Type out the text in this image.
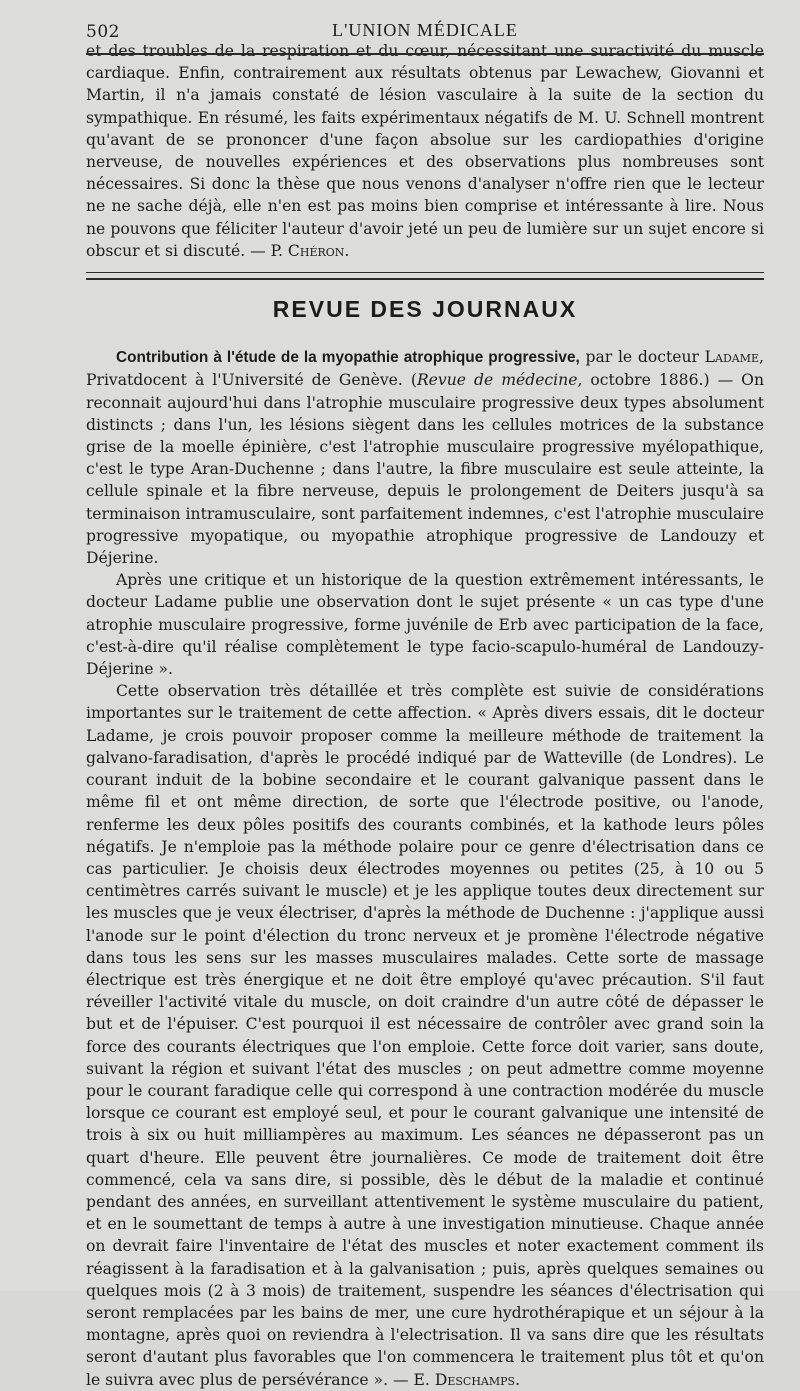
502	L'UNION MÉDICALE

et des troubles de la respiration et du cœur, nécessitant une suractivité du muscle cardiaque. Enfin, contrairement aux résultats obtenus par Lewachew, Giovanni et Martin, il n'a jamais constaté de lésion vasculaire à la suite de la section du sympathique. En résumé, les faits expérimentaux négatifs de M. U. Schnell montrent qu'avant de se prononcer d'une façon absolue sur les cardiopathies d'origine nerveuse, de nouvelles expériences et des observations plus nombreuses sont nécessaires. Si donc la thèse que nous venons d'analyser n'offre rien que le lecteur ne ne sache déjà, elle n'en est pas moins bien comprise et intéressante à lire. Nous ne pouvons que féliciter l'auteur d'avoir jeté un peu de lumière sur un sujet encore si obscur et si discuté. — P. Chéron.

REVUE DES JOURNAUX

Contribution à l'étude de la myopathie atrophique progressive, par le docteur Ladame, Privatdocent à l'Université de Genève. (Revue de médecine, octobre 1886.) — On reconnait aujourd'hui dans l'atrophie musculaire progressive deux types absolument distincts ; dans l'un, les lésions siègent dans les cellules motrices de la substance grise de la moelle épinière, c'est l'atrophie musculaire progressive myélopathique, c'est le type Aran-Duchenne ; dans l'autre, la fibre musculaire est seule atteinte, la cellule spinale et la fibre nerveuse, depuis le prolongement de Deiters jusqu'à sa terminaison intramusculaire, sont parfaitement indemnes, c'est l'atrophie musculaire progressive myopatique, ou myopathie atrophique progressive de Landouzy et Déjerine.

Après une critique et un historique de la question extrêmement intéressants, le docteur Ladame publie une observation dont le sujet présente « un cas type d'une atrophie musculaire progressive, forme juvénile de Erb avec participation de la face, c'est-à-dire qu'il réalise complètement le type facio-scapulo-huméral de Landouzy-Déjerine ».

Cette observation très détaillée et très complète est suivie de considérations importantes sur le traitement de cette affection. « Après divers essais, dit le docteur Ladame, je crois pouvoir proposer comme la meilleure méthode de traitement la galvano-faradisation, d'après le procédé indiqué par de Watteville (de Londres). Le courant induit de la bobine secondaire et le courant galvanique passent dans le même fil et ont même direction, de sorte que l'électrode positive, ou l'anode, renferme les deux pôles positifs des courants combinés, et la kathode leurs pôles négatifs. Je n'emploie pas la méthode polaire pour ce genre d'électrisation dans ce cas particulier. Je choisis deux électrodes moyennes ou petites (25, à 10 ou 5 centimètres carrés suivant le muscle) et je les applique toutes deux directement sur les muscles que je veux électriser, d'après la méthode de Duchenne : j'applique aussi l'anode sur le point d'élection du tronc nerveux et je promène l'électrode négative dans tous les sens sur les masses musculaires malades. Cette sorte de massage électrique est très énergique et ne doit être employé qu'avec précaution. S'il faut réveiller l'activité vitale du muscle, on doit craindre d'un autre côté de dépasser le but et de l'épuiser. C'est pourquoi il est nécessaire de contrôler avec grand soin la force des courants électriques que l'on emploie. Cette force doit varier, sans doute, suivant la région et suivant l'état des muscles ; on peut admettre comme moyenne pour le courant faradique celle qui correspond à une contraction modérée du muscle lorsque ce courant est employé seul, et pour le courant galvanique une intensité de trois à six ou huit milliampères au maximum. Les séances ne dépasseront pas un quart d'heure. Elle peuvent être journalières. Ce mode de traitement doit être commencé, cela va sans dire, si possible, dès le début de la maladie et continué pendant des années, en surveillant attentivement le système musculaire du patient, et en le soumettant de temps à autre à une investigation minutieuse. Chaque année on devrait faire l'inventaire de l'état des muscles et noter exactement comment ils réagissent à la faradisation et à la galvanisation ; puis, après quelques semaines ou quelques mois (2 à 3 mois) de traitement, suspendre les séances d'électrisation qui seront remplacées par les bains de mer, une cure hydrothérapique et un séjour à la montagne, après quoi on reviendra à l'electrisation. Il va sans dire que les résultats seront d'autant plus favorables que l'on commencera le traitement plus tôt et qu'on le suivra avec plus de persévérance ». — E. Deschamps.
